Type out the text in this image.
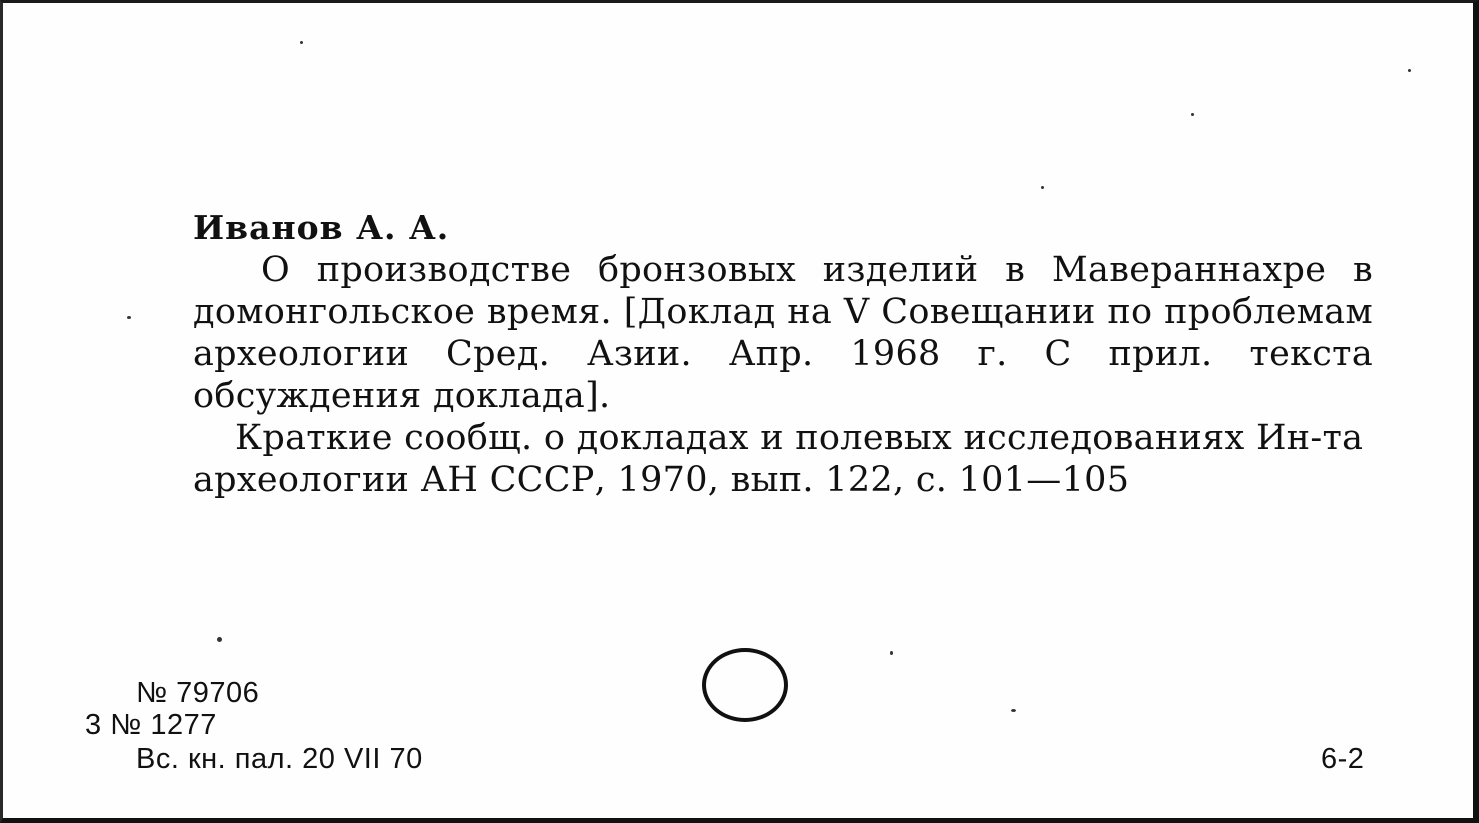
Иванов А. А.

О производстве бронзовых изделий в Мавераннахре в домонгольское время. [Доклад на V Совещании по проблемам археологии Сред. Азии. Апр. 1968 г. С прил. текста обсуждения доклада].

Краткие сообщ. о докладах и полевых исследованиях Ин-та археологии АН СССР, 1970, вып. 122, с. 101—105

№ 79706
3 № 1277
Вс. кн. пал. 20 VII 70	6-2
